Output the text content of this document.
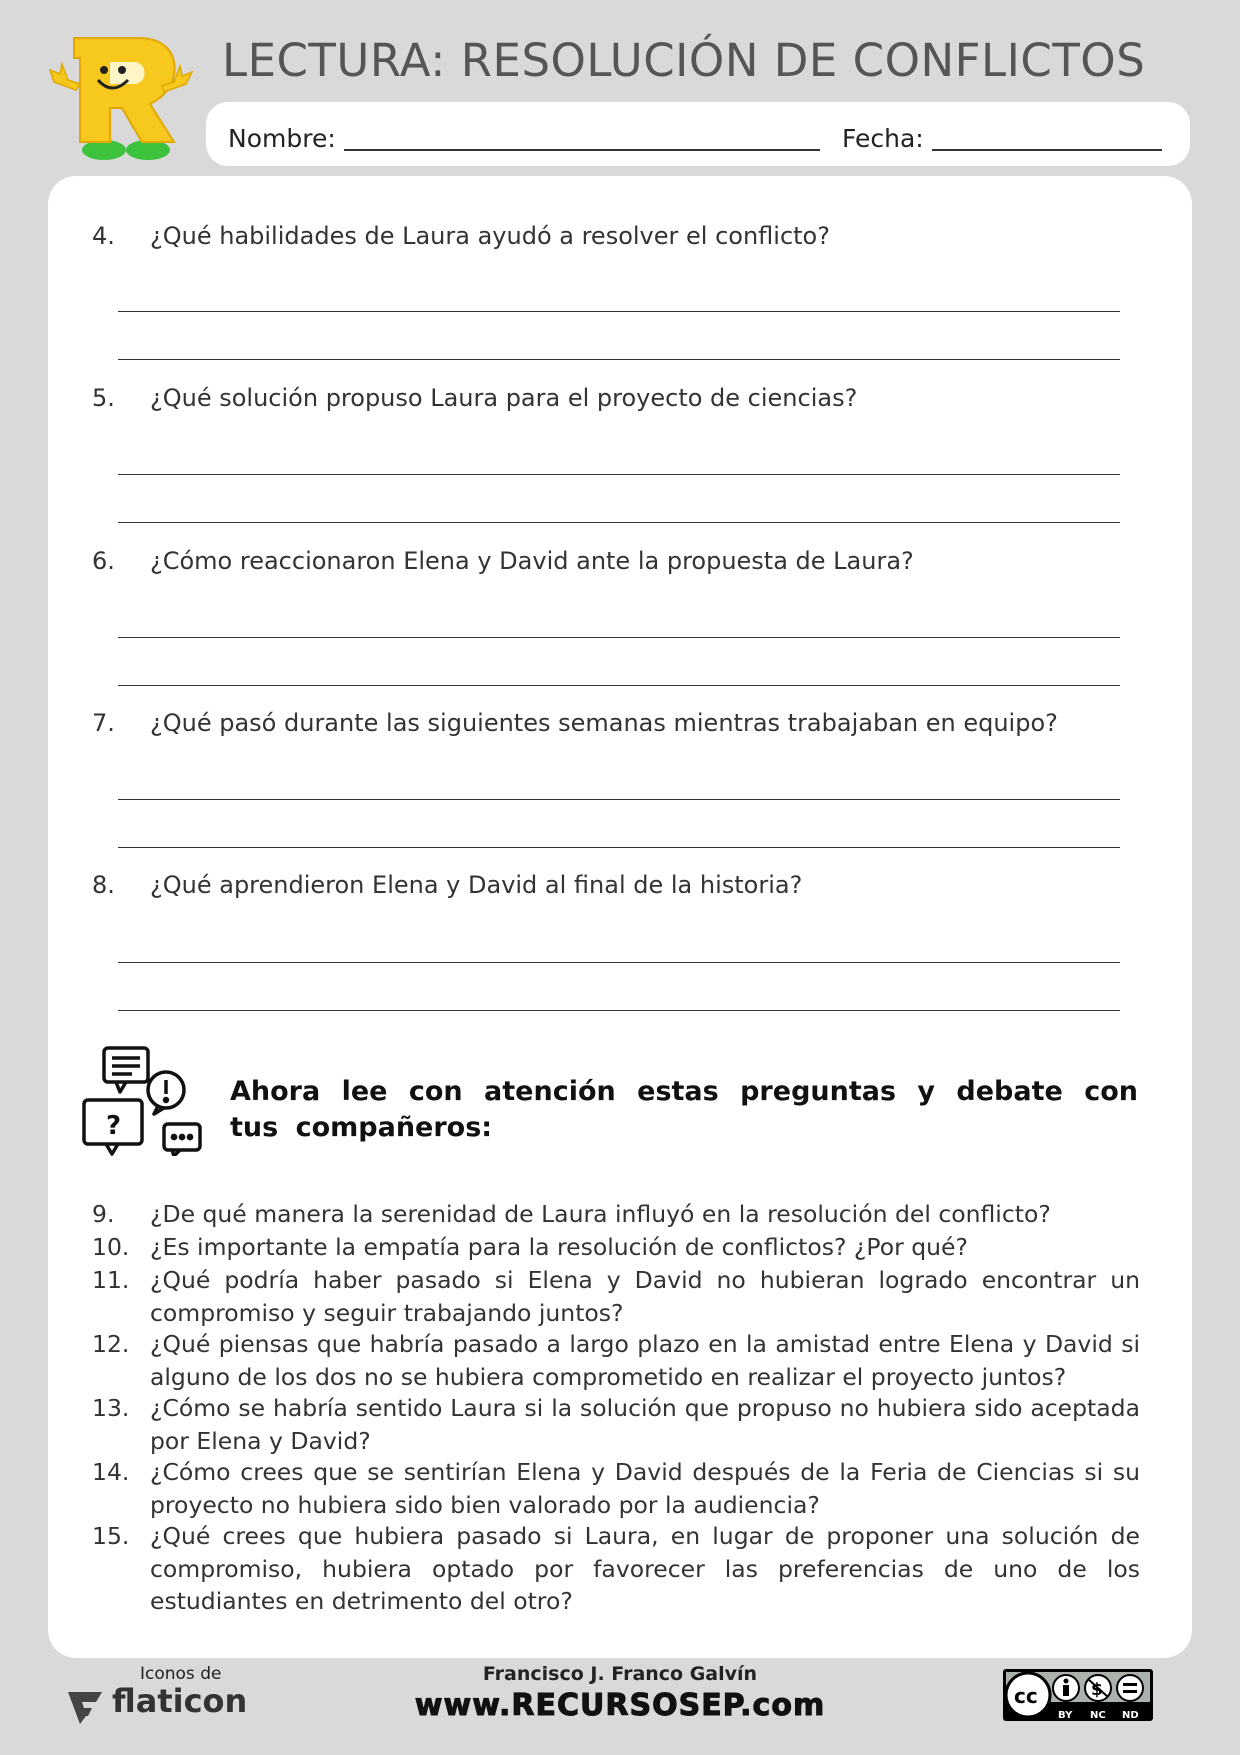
LECTURA: RESOLUCIÓN DE CONFLICTOS
Nombre:	Fecha:
4.	¿Qué habilidades de Laura ayudó a resolver el conflicto?
5.	¿Qué solución propuso Laura para el proyecto de ciencias?
6.	¿Cómo reaccionaron Elena y David ante la propuesta de Laura?
7.	¿Qué pasó durante las siguientes semanas mientras trabajaban en equipo?
8.	¿Qué aprendieron Elena y David al final de la historia?
?
Ahora lee con atención estas preguntas y debate con tus compañeros:
9.	¿De qué manera la serenidad de Laura influyó en la resolución del conflicto?
10. ¿Es importante la empatía para la resolución de conflictos? ¿Por qué?
11. ¿Qué podría haber pasado si Elena y David no hubieran logrado encontrar un compromiso y seguir trabajando juntos?
12. ¿Qué piensas que habría pasado a largo plazo en la amistad entre Elena y David si alguno de los dos no se hubiera comprometido en realizar el proyecto juntos?
13. ¿Cómo se habría sentido Laura si la solución que propuso no hubiera sido aceptada por Elena y David?
14. ¿Cómo crees que se sentirían Elena y David después de la Feria de Ciencias si su proyecto no hubiera sido bien valorado por la audiencia?
15. ¿Qué crees que hubiera pasado si Laura, en lugar de proponer una solución de compromiso, hubiera optado por favorecer las preferencias de uno de los estudiantes en detrimento del otro?
Iconos de
flaticon
Francisco J. Franco Galvín
www.RECURSOSEP.com	cc	$
BY NC ND
